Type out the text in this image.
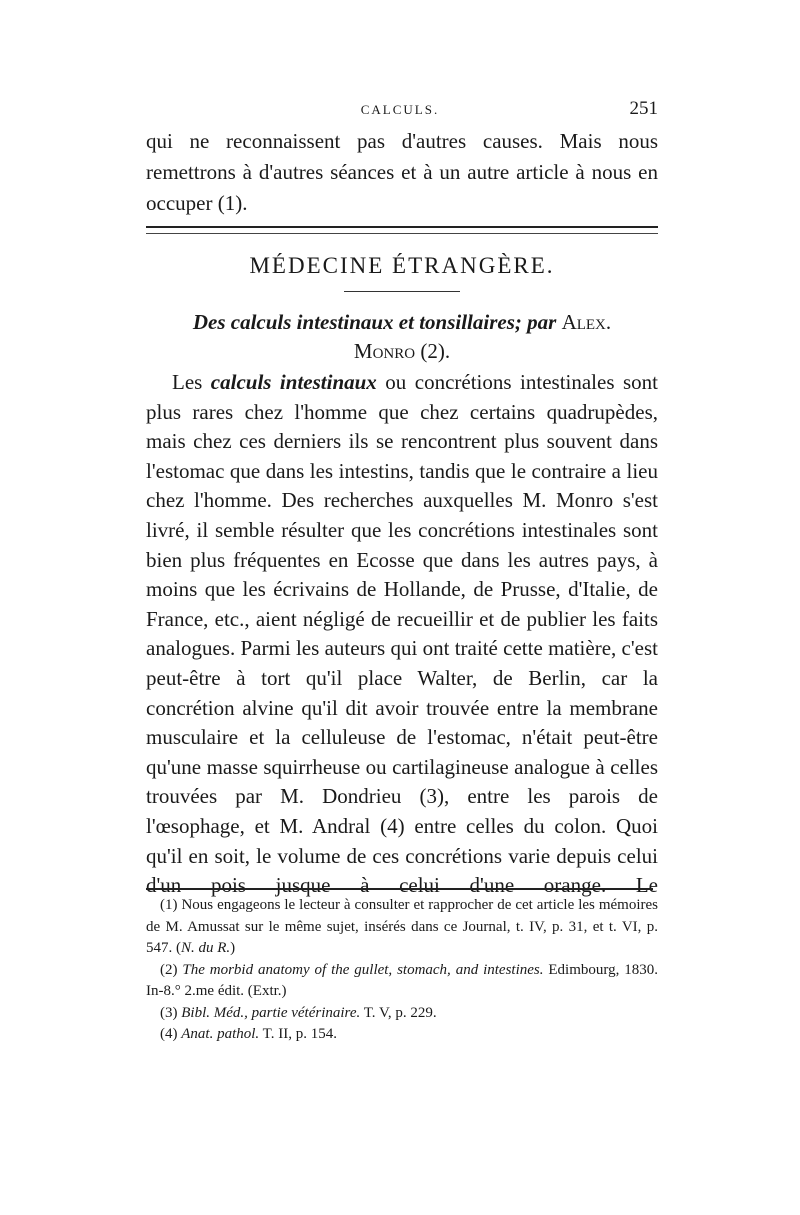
CALCULS.	251

qui ne reconnaissent pas d'autres causes. Mais nous remettrons à d'autres séances et à un autre article à nous en occuper (1).

MÉDECINE ÉTRANGÈRE.
Des calculs intestinaux et tonsillaires; par Alex.
Monro (2).

Les calculs intestinaux ou concrétions intestinales sont plus rares chez l'homme que chez certains quadrupèdes, mais chez ces derniers ils se rencontrent plus souvent dans l'estomac que dans les intestins, tandis que le contraire a lieu chez l'homme. Des recherches auxquelles M. Monro s'est livré, il semble résulter que les concrétions intestinales sont bien plus fréquentes en Ecosse que dans les autres pays, à moins que les écrivains de Hollande, de Prusse, d'Italie, de France, etc., aient négligé de recueillir et de publier les faits analogues. Parmi les auteurs qui ont traité cette matière, c'est peut-être à tort qu'il place Walter, de Berlin, car la concrétion alvine qu'il dit avoir trouvée entre la membrane musculaire et la celluleuse de l'estomac, n'était peut-être qu'une masse squirrheuse ou cartilagineuse analogue à celles trouvées par M. Dondrieu (3), entre les parois de l'œsophage, et M. Andral (4) entre celles du colon. Quoi qu'il en soit, le volume de ces concrétions varie depuis celui d'un pois jusque à celui d'une orange. Le

(1) Nous engageons le lecteur à consulter et rapprocher de cet article les mémoires de M. Amussat sur le même sujet, insérés dans ce Journal, t. IV, p. 31, et t. VI, p. 547. (N. du R.)
(2) The morbid anatomy of the gullet, stomach, and intestines. Edimbourg, 1830. In-8.° 2.me édit. (Extr.)
(3) Bibl. Méd., partie vétérinaire. T. V, p. 229.
(4) Anat. pathol. T. II, p. 154.
